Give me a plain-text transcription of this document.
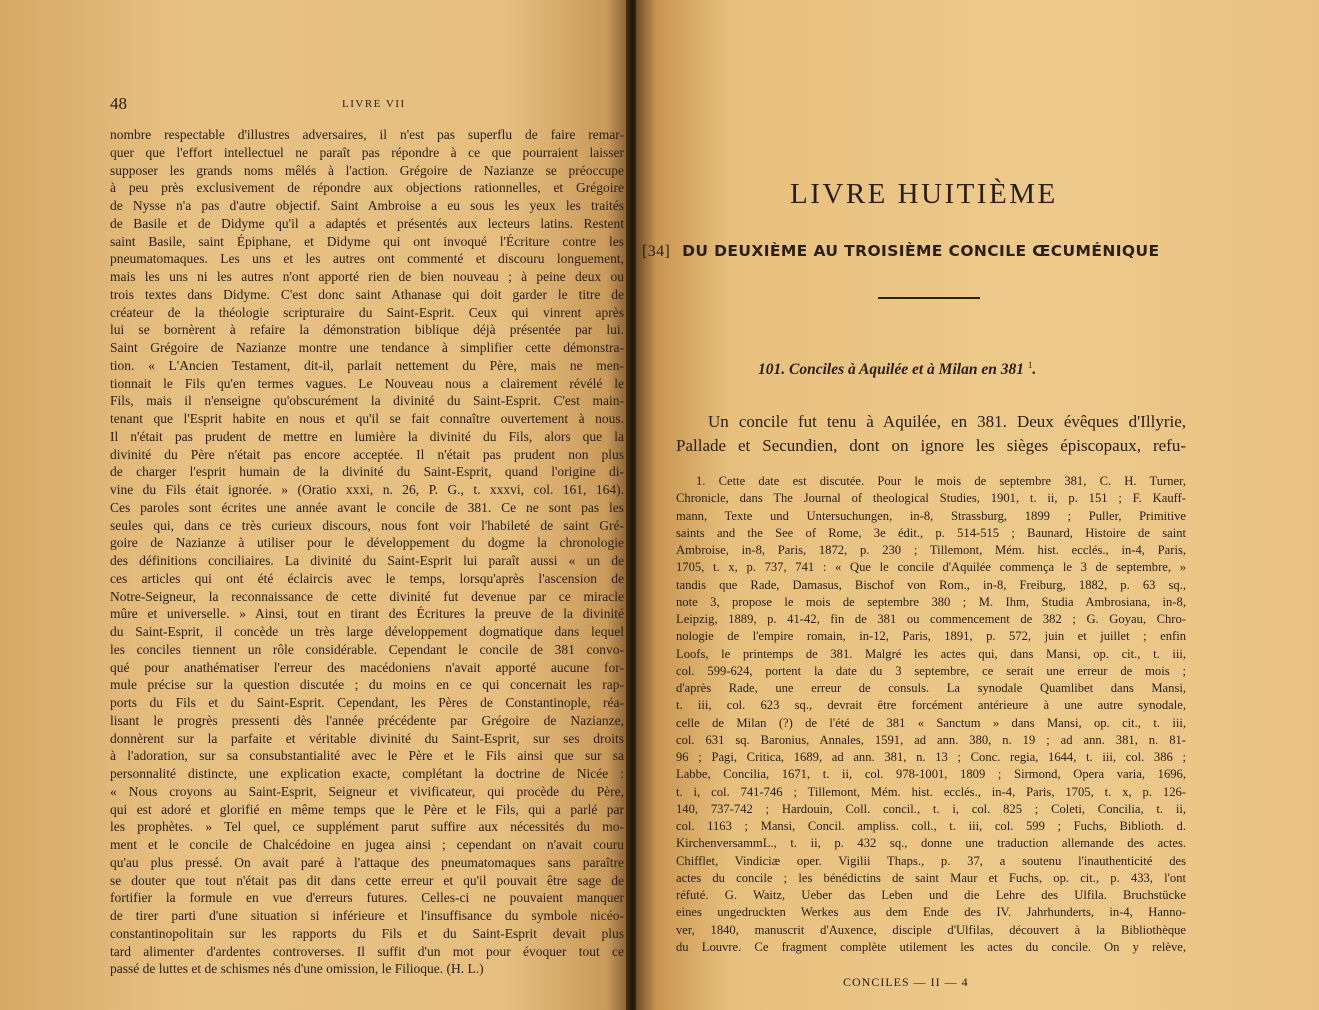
48	LIVRE VII
nombre respectable d'illustres adversaires, il n'est pas superflu de faire remar-
quer que l'effort intellectuel ne paraît pas répondre à ce que pourraient laisser
supposer les grands noms mêlés à l'action. Grégoire de Nazianze se préoccupe
à peu près exclusivement de répondre aux objections rationnelles, et Grégoire
de Nysse n'a pas d'autre objectif. Saint Ambroise a eu sous les yeux les traités
de Basile et de Didyme qu'il a adaptés et présentés aux lecteurs latins. Restent
saint Basile, saint Épiphane, et Didyme qui ont invoqué l'Écriture contre les
pneumatomaques. Les uns et les autres ont commenté et discouru longuement,
mais les uns ni les autres n'ont apporté rien de bien nouveau ; à peine deux ou
trois textes dans Didyme. C'est donc saint Athanase qui doit garder le titre de
créateur de la théologie scripturaire du Saint-Esprit. Ceux qui vinrent après
lui se bornèrent à refaire la démonstration biblique déjà présentée par lui.
Saint Grégoire de Nazianze montre une tendance à simplifier cette démonstra-
tion. « L'Ancien Testament, dit-il, parlait nettement du Père, mais ne men-
tionnait le Fils qu'en termes vagues. Le Nouveau nous a clairement révélé le
Fils, mais il n'enseigne qu'obscurément la divinité du Saint-Esprit. C'est main-
tenant que l'Esprit habite en nous et qu'il se fait connaître ouvertement à nous.
Il n'était pas prudent de mettre en lumière la divinité du Fils, alors que la
divinité du Père n'était pas encore acceptée. Il n'était pas prudent non plus
de charger l'esprit humain de la divinité du Saint-Esprit, quand l'origine di-
vine du Fils était ignorée. » (Oratio xxxi, n. 26, P. G., t. xxxvi, col. 161, 164).
Ces paroles sont écrites une année avant le concile de 381. Ce ne sont pas les
seules qui, dans ce très curieux discours, nous font voir l'habileté de saint Gré-
goire de Nazianze à utiliser pour le développement du dogme la chronologie
des définitions conciliaires. La divinité du Saint-Esprit lui paraît aussi « un de
ces articles qui ont été éclaircis avec le temps, lorsqu'après l'ascension de
Notre-Seigneur, la reconnaissance de cette divinité fut devenue par ce miracle
mûre et universelle. » Ainsi, tout en tirant des Écritures la preuve de la divinité
du Saint-Esprit, il concède un très large développement dogmatique dans lequel
les conciles tiennent un rôle considérable. Cependant le concile de 381 convo-
qué pour anathématiser l'erreur des macédoniens n'avait apporté aucune for-
mule précise sur la question discutée ; du moins en ce qui concernait les rap-
ports du Fils et du Saint-Esprit. Cependant, les Pères de Constantinople, réa-
lisant le progrès pressenti dès l'année précédente par Grégoire de Nazianze,
donnèrent sur la parfaite et véritable divinité du Saint-Esprit, sur ses droits
à l'adoration, sur sa consubstantialité avec le Père et le Fils ainsi que sur sa
personnalité distincte, une explication exacte, complétant la doctrine de Nicée :
« Nous croyons au Saint-Esprit, Seigneur et vivificateur, qui procède du Père,
qui est adoré et glorifié en même temps que le Père et le Fils, qui a parlé par
les prophètes. » Tel quel, ce supplément parut suffire aux nécessités du mo-
ment et le concile de Chalcédoine en jugea ainsi ; cependant on n'avait couru
qu'au plus pressé. On avait paré à l'attaque des pneumatomaques sans paraître
se douter que tout n'était pas dit dans cette erreur et qu'il pouvait être sage de
fortifier la formule en vue d'erreurs futures. Celles-ci ne pouvaient manquer
de tirer parti d'une situation si inférieure et l'insuffisance du symbole nicéo-
constantinopolitain sur les rapports du Fils et du Saint-Esprit devait plus
tard alimenter d'ardentes controverses. Il suffit d'un mot pour évoquer tout ce
passé de luttes et de schismes nés d'une omission, le Filioque. (H. L.)
LIVRE HUITIÈME
[34] DU DEUXIÈME AU TROISIÈME CONCILE ŒCUMÉNIQUE
101. Conciles à Aquilée et à Milan en 381 $^1$.
Un concile fut tenu à Aquilée, en 381. Deux évêques d'Illyrie,
Pallade et Secundien, dont on ignore les sièges épiscopaux, refu-
1. Cette date est discutée. Pour le mois de septembre 381, C. H. Turner,
Chronicle, dans The Journal of theological Studies, 1901, t. ii, p. 151 ; F. Kauff-
mann, Texte und Untersuchungen, in-8, Strassburg, 1899 ; Puller, Primitive
saints and the See of Rome, 3e édit., p. 514-515 ; Baunard, Histoire de saint
Ambroise, in-8, Paris, 1872, p. 230 ; Tillemont, Mém. hist. ecclés., in-4, Paris,
1705, t. x, p. 737, 741 : « Que le concile d'Aquilée commença le 3 de septembre, »
tandis que Rade, Damasus, Bischof von Rom., in-8, Freiburg, 1882, p. 63 sq.,
note 3, propose le mois de septembre 380 ; M. Ihm, Studia Ambrosiana, in-8,
Leipzig, 1889, p. 41-42, fin de 381 ou commencement de 382 ; G. Goyau, Chro-
nologie de l'empire romain, in-12, Paris, 1891, p. 572, juin et juillet ; enfin
Loofs, le printemps de 381. Malgré les actes qui, dans Mansi, op. cit., t. iii,
col. 599-624, portent la date du 3 septembre, ce serait une erreur de mois ;
d'après Rade, une erreur de consuls. La synodale Quamlibet dans Mansi,
t. iii, col. 623 sq., devrait être forcément antérieure à une autre synodale,
celle de Milan (?) de l'été de 381 « Sanctum » dans Mansi, op. cit., t. iii,
col. 631 sq. Baronius, Annales, 1591, ad ann. 380, n. 19 ; ad ann. 381, n. 81-
96 ; Pagi, Critica, 1689, ad ann. 381, n. 13 ; Conc. regia, 1644, t. iii, col. 386 ;
Labbe, Concilia, 1671, t. ii, col. 978-1001, 1809 ; Sirmond, Opera varia, 1696,
t. i, col. 741-746 ; Tillemont, Mém. hist. ecclés., in-4, Paris, 1705, t. x, p. 126-
140, 737-742 ; Hardouin, Coll. concil., t. i, col. 825 ; Coleti, Concilia, t. ii,
col. 1163 ; Mansi, Concil. ampliss. coll., t. iii, col. 599 ; Fuchs, Biblioth. d.
KirchenversammL., t. ii, p. 432 sq., donne une traduction allemande des actes.
Chifflet, Vindiciæ oper. Vigilii Thaps., p. 37, a soutenu l'inauthenticité des
actes du concile ; les bénédictins de saint Maur et Fuchs, op. cit., p. 433, l'ont
réfuté. G. Waitz, Ueber das Leben und die Lehre des Ulfila. Bruchstücke
eines ungedruckten Werkes aus dem Ende des IV. Jahrhunderts, in-4, Hanno-
ver, 1840, manuscrit d'Auxence, disciple d'Ulfilas, découvert à la Bibliothèque
du Louvre. Ce fragment complète utilement les actes du concile. On y relève,
CONCILES — II — 4
